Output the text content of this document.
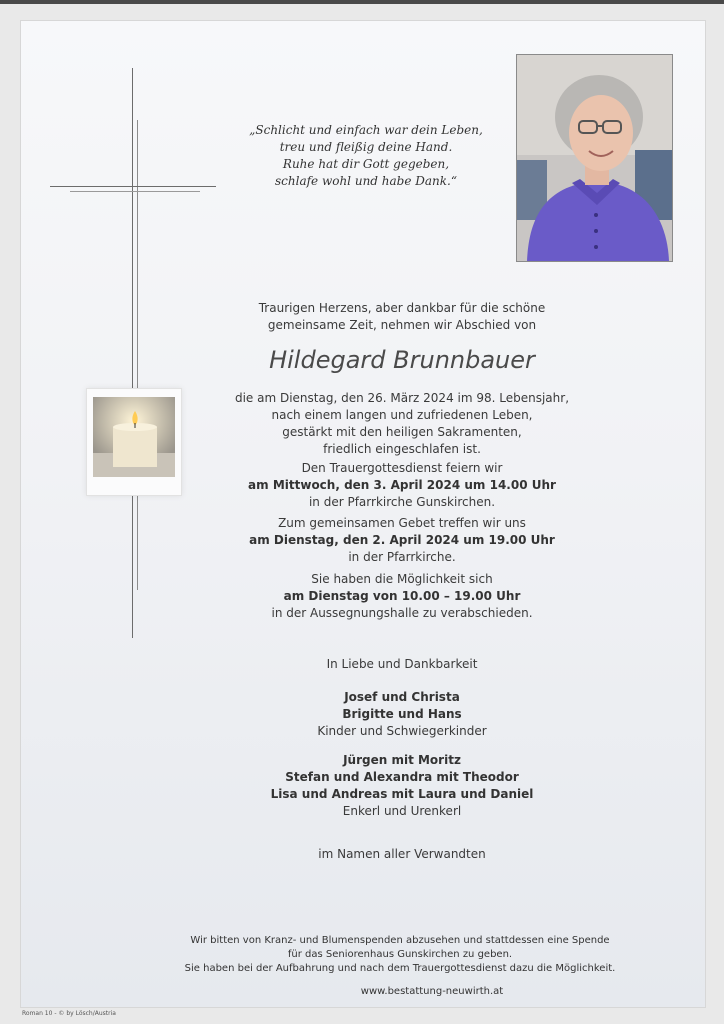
„Schlicht und einfach war dein Leben,
treu und fleißig deine Hand.
Ruhe hat dir Gott gegeben,
schlafe wohl und habe Dank.“
Traurigen Herzens, aber dankbar für die schöne
gemeinsame Zeit, nehmen wir Abschied von
Hildegard Brunnbauer
die am Dienstag, den 26. März 2024 im 98. Lebensjahr,
nach einem langen und zufriedenen Leben,
gestärkt mit den heiligen Sakramenten,
friedlich eingeschlafen ist.
Den Trauergottesdienst feiern wir
am Mittwoch, den 3. April 2024 um 14.00 Uhr
in der Pfarrkirche Gunskirchen.
Zum gemeinsamen Gebet treffen wir uns
am Dienstag, den 2. April 2024 um 19.00 Uhr
in der Pfarrkirche.
Sie haben die Möglichkeit sich
am Dienstag von 10.00 – 19.00 Uhr
in der Aussegnungshalle zu verabschieden.
In Liebe und Dankbarkeit
Josef und Christa
Brigitte und Hans
Kinder und Schwiegerkinder
Jürgen mit Moritz
Stefan und Alexandra mit Theodor
Lisa und Andreas mit Laura und Daniel
Enkerl und Urenkerl
im Namen aller Verwandten
Wir bitten von Kranz- und Blumenspenden abzusehen und stattdessen eine Spende
für das Seniorenhaus Gunskirchen zu geben.
Sie haben bei der Aufbahrung und nach dem Trauergottesdienst dazu die Möglichkeit.
www.bestattung-neuwirth.at
Roman 10 - © by Lösch/Austria
